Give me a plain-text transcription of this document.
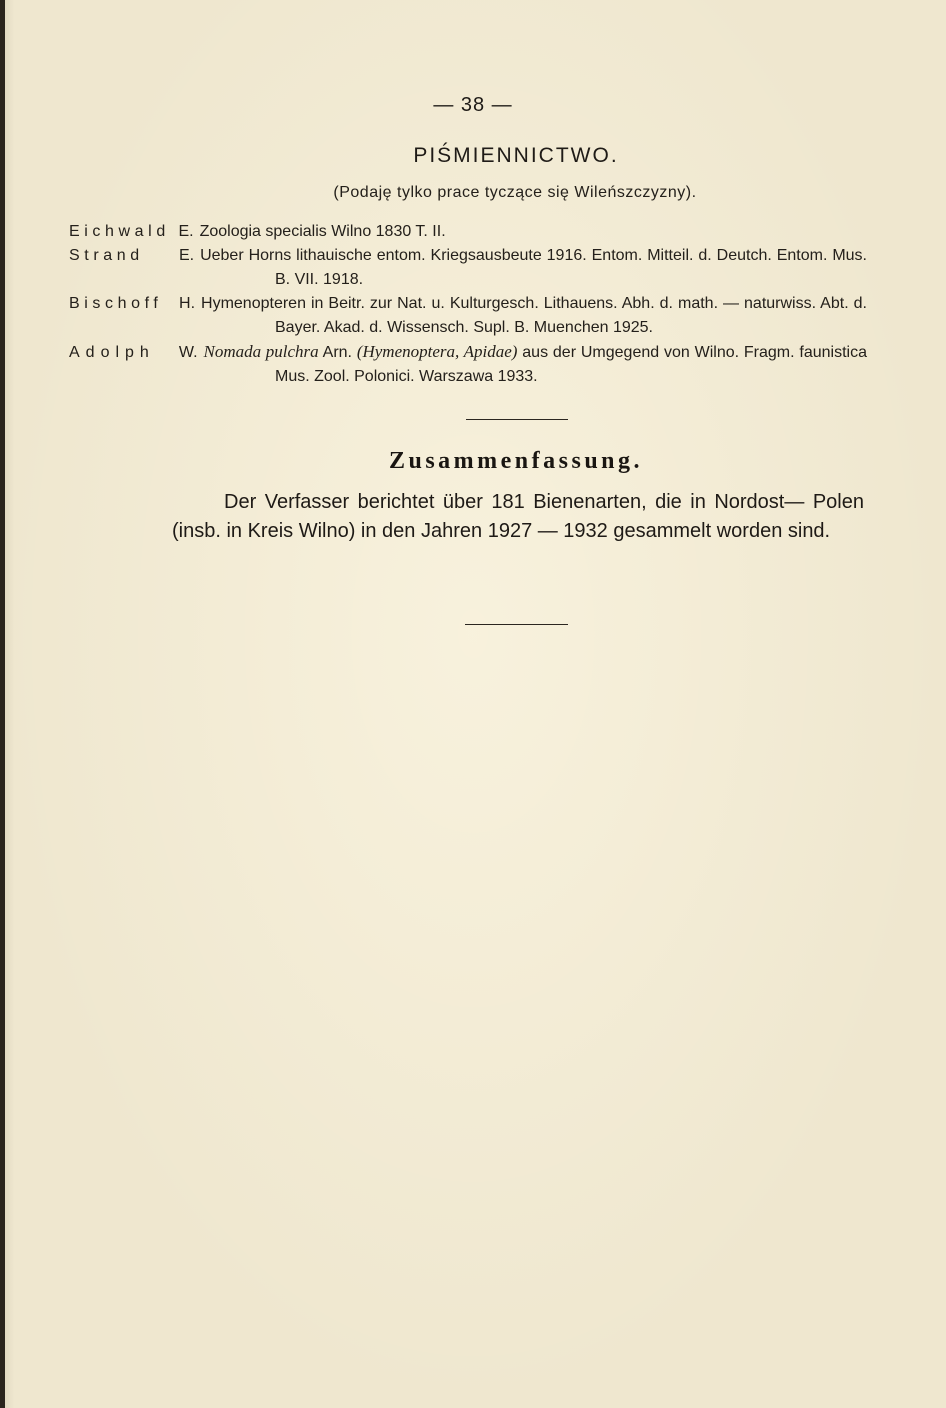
— 38 —
PIŚMIENNICTWO.
(Podaję tylko prace tyczące się Wileńszczyzny).

Eichwald E. Zoologia specialis Wilno 1830 T. II.

Strand E. Ueber Horns lithauische entom. Kriegsausbeute 1916. Entom. Mitteil. d. Deutch. Entom. Mus. B. VII. 1918.

Bischoff H. Hymenopteren in Beitr. zur Nat. u. Kulturgesch. Lithauens. Abh. d. math. — naturwiss. Abt. d. Bayer. Akad. d. Wissensch. Supl. B. Muenchen 1925.

Adolph W. Nomada pulchra Arn. (Hymenoptera, Apidae) aus der Umgegend von Wilno. Fragm. faunistica Mus. Zool. Polonici. Warszawa 1933.

Zusammenfassung.

Der Verfasser berichtet über 181 Bienenarten, die in Nordost— Polen (insb. in Kreis Wilno) in den Jahren 1927 — 1932 gesammelt worden sind.
